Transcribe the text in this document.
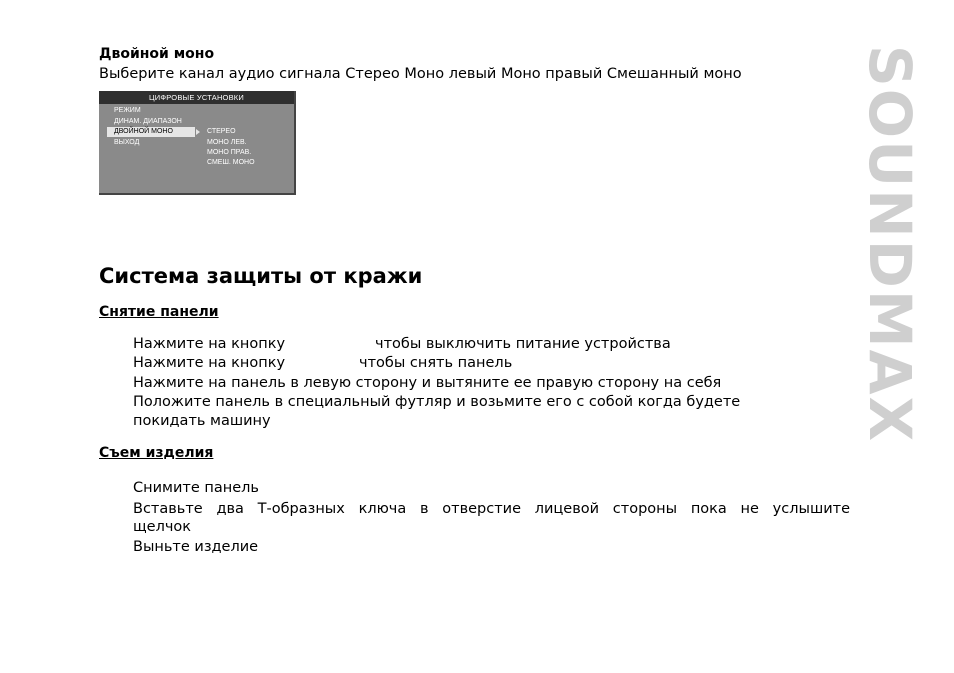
Двойной моно
Выберите канал аудио сигнала Стерео Моно левый Моно правый Смешанный моно
ЦИФРОВЫЕ УСТАНОВКИ
РЕЖИМ
ДИНАМ. ДИАПАЗОН
ДВОЙНОЙ МОНО
ВЫХОД
СТЕРЕО
МОНО ЛЕВ.
МОНО ПРАВ.
СМЕШ. МОНО
Система защиты от кражи
Снятие панели
Нажмите на кнопку	чтобы выключить питание устройства
Нажмите на кнопку	чтобы снять панель
Нажмите на панель в левую сторону и вытяните ее правую сторону на себя
Положите панель в специальный футляр и возьмите его с собой когда будете
покидать машину
Съем изделия
Снимите панель
Вставьте два Т-образных ключа в отверстие лицевой стороны пока не услышите
щелчок
Выньте изделие
SOUNDMAX
